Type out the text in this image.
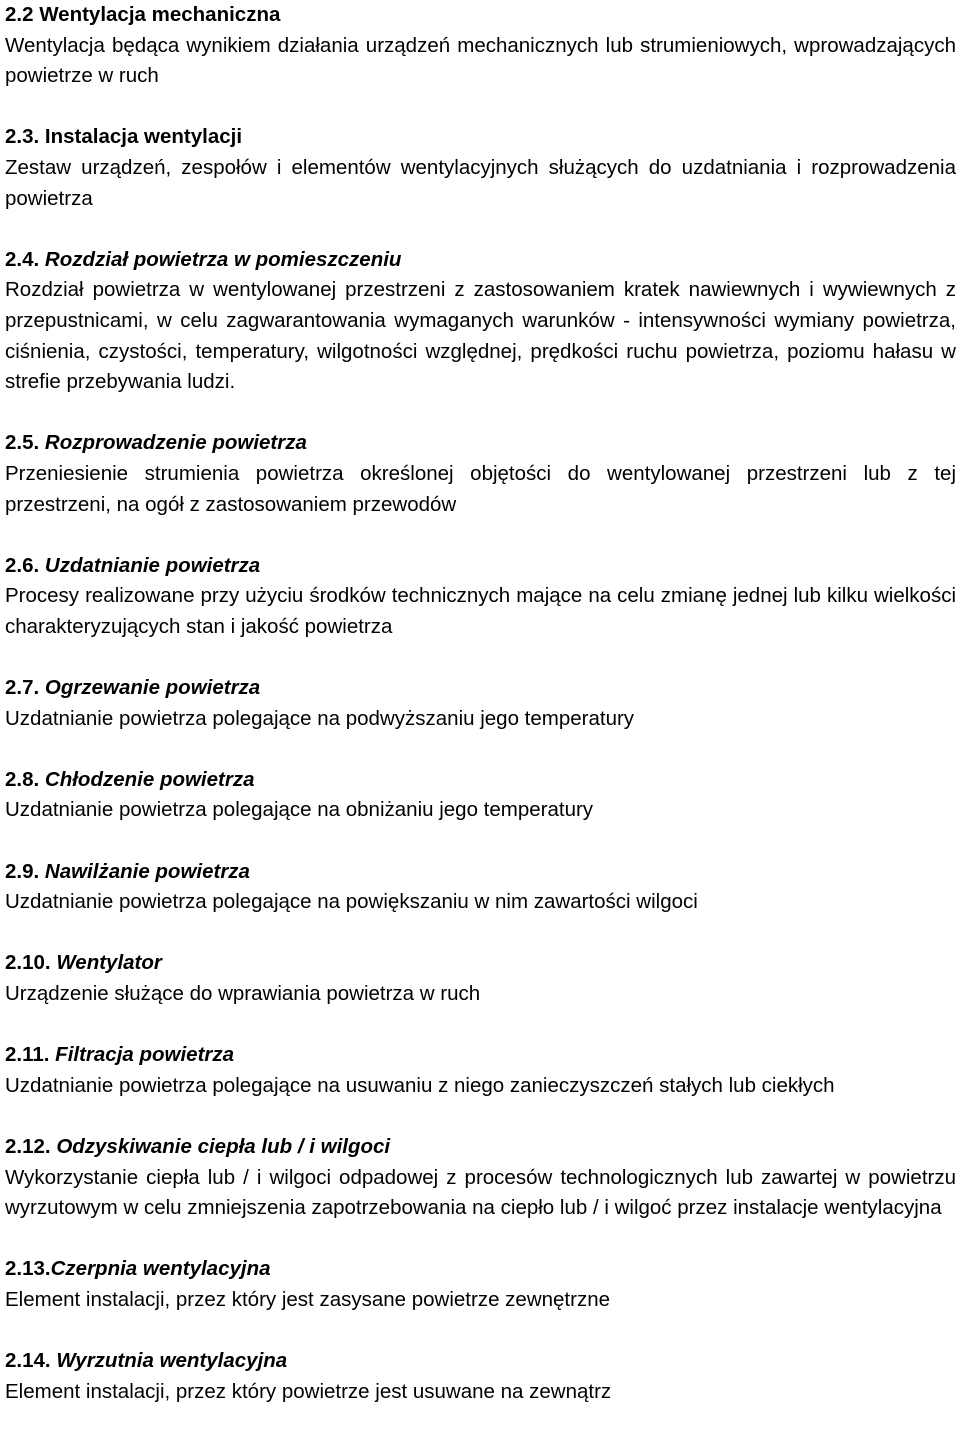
2.2 Wentylacja mechaniczna

Wentylacja będąca wynikiem działania urządzeń mechanicznych lub strumieniowych, wprowadzających powietrze w ruch

2.3. Instalacja wentylacji

Zestaw urządzeń, zespołów i elementów wentylacyjnych służących do uzdatniania i rozprowadzenia powietrza

2.4. Rozdział powietrza w pomieszczeniu

Rozdział powietrza w wentylowanej przestrzeni z zastosowaniem kratek nawiewnych i wywiewnych z przepustnicami, w celu zagwarantowania wymaganych warunków - intensywności wymiany powietrza, ciśnienia, czystości, temperatury, wilgotności względnej, prędkości ruchu powietrza, poziomu hałasu w strefie przebywania ludzi.

2.5. Rozprowadzenie powietrza

Przeniesienie strumienia powietrza określonej objętości do wentylowanej przestrzeni lub z tej przestrzeni, na ogół z zastosowaniem przewodów

2.6. Uzdatnianie powietrza

Procesy realizowane przy użyciu środków technicznych mające na celu zmianę jednej lub kilku wielkości charakteryzujących stan i jakość powietrza

2.7. Ogrzewanie powietrza

Uzdatnianie powietrza polegające na podwyższaniu jego temperatury

2.8. Chłodzenie powietrza

Uzdatnianie powietrza polegające na obniżaniu jego temperatury

2.9. Nawilżanie powietrza

Uzdatnianie powietrza polegające na powiększaniu w nim zawartości wilgoci

2.10. Wentylator

Urządzenie służące do wprawiania powietrza w ruch

2.11. Filtracja powietrza

Uzdatnianie powietrza polegające na usuwaniu z niego zanieczyszczeń stałych lub ciekłych

2.12. Odzyskiwanie ciepła lub / i wilgoci

Wykorzystanie ciepła lub / i wilgoci odpadowej z procesów technologicznych lub zawartej w powietrzu wyrzutowym w celu zmniejszenia zapotrzebowania na ciepło lub / i wilgoć przez instalacje wentylacyjna

2.13.Czerpnia wentylacyjna

Element instalacji, przez który jest zasysane powietrze zewnętrzne

2.14. Wyrzutnia wentylacyjna

Element instalacji, przez który powietrze jest usuwane na zewnątrz
